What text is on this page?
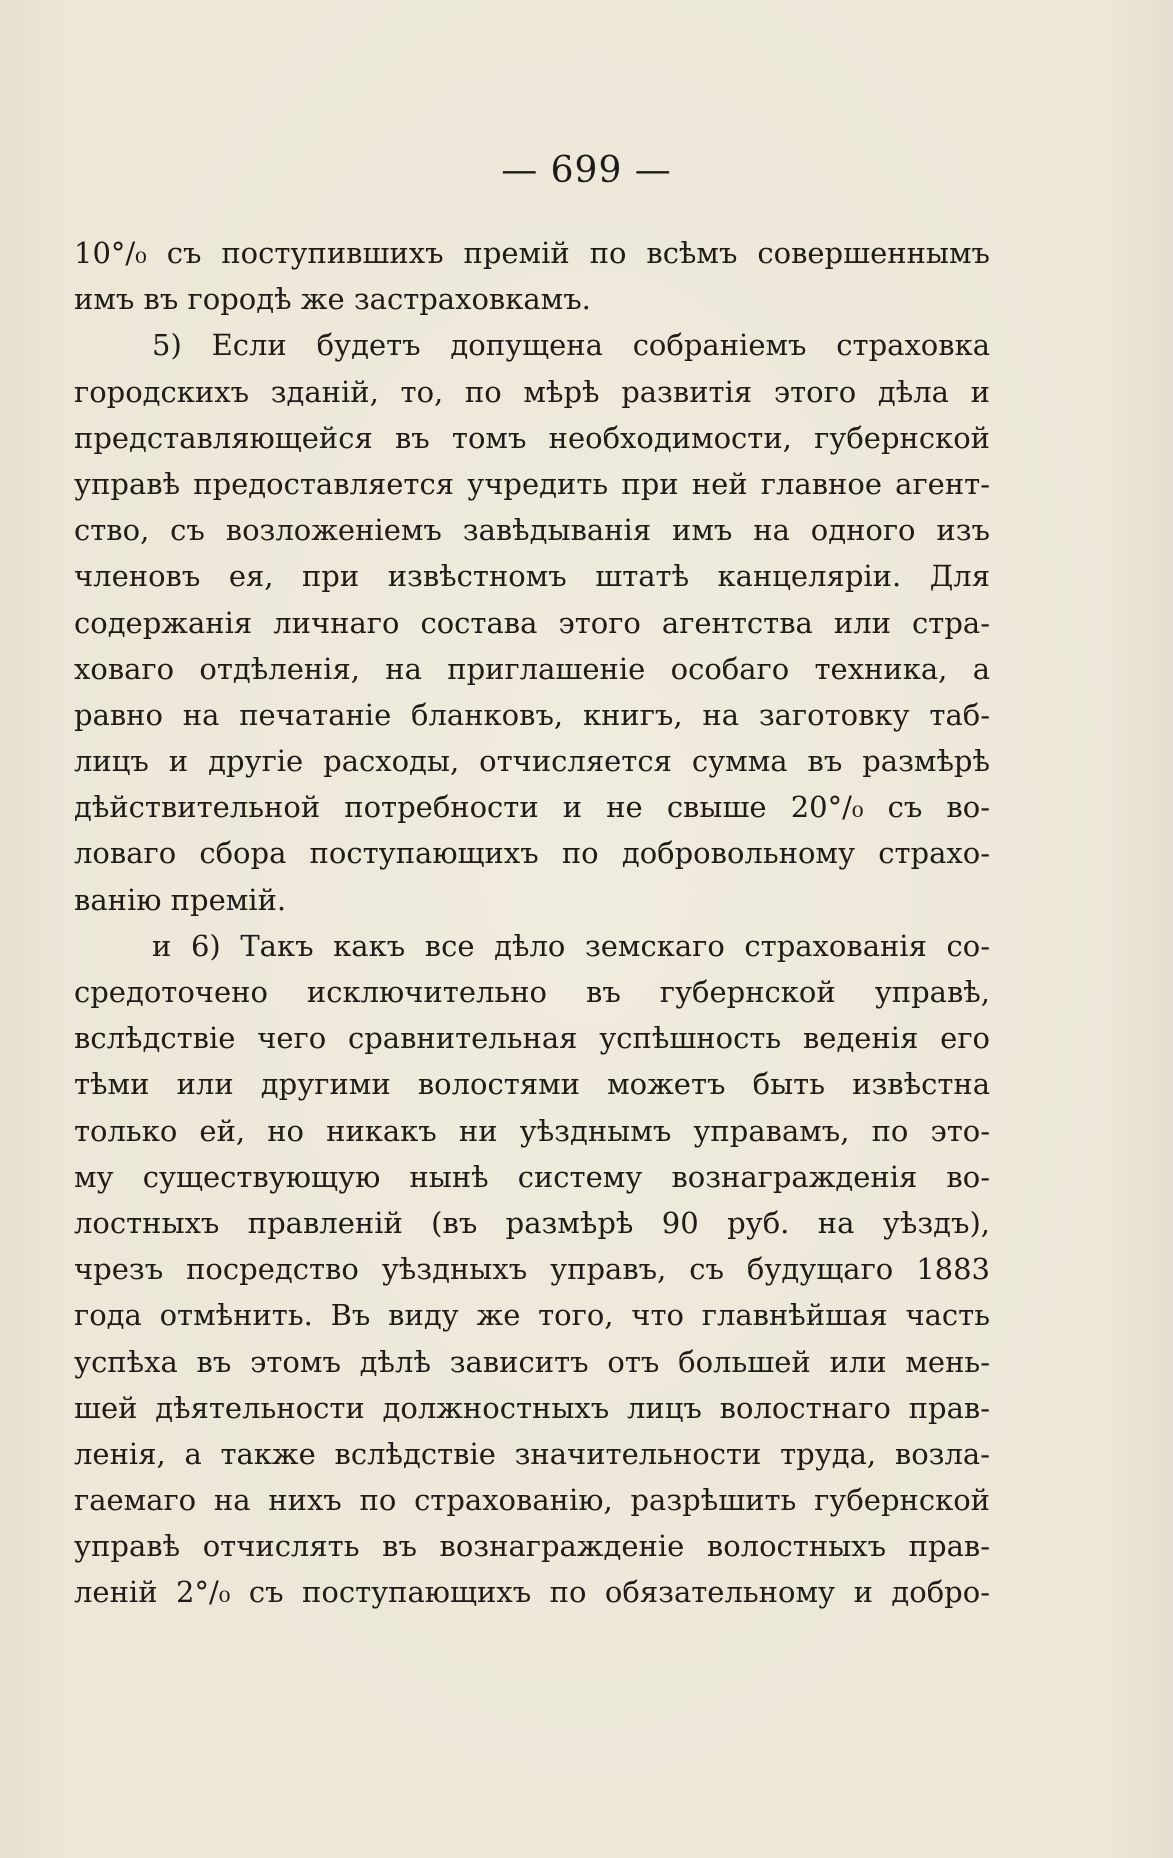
— 699 —
10°/₀ съ поступившихъ премій по всѣмъ совершеннымъ
имъ въ городѣ же застраховкамъ.
5) Если будетъ допущена собраніемъ страховка
городскихъ зданій, то, по мѣрѣ развитія этого дѣла и
представляющейся въ томъ необходимости, губернской
управѣ предоставляется учредить при ней главное агент-
ство, съ возложеніемъ завѣдыванія имъ на одного изъ
членовъ ея, при извѣстномъ штатѣ канцеляріи. Для
содержанія личнаго состава этого агентства или стра-
ховаго отдѣленія, на приглашеніе особаго техника, а
равно на печатаніе бланковъ, книгъ, на заготовку таб-
лицъ и другіе расходы, отчисляется сумма въ размѣрѣ
дѣйствительной потребности и не свыше 20°/₀ съ во-
ловаго сбора поступающихъ по добровольному страхо-
ванію премій.
и 6) Такъ какъ все дѣло земскаго страхованія со-
средоточено исключительно въ губернской управѣ,
вслѣдствіе чего сравнительная успѣшность веденія его
тѣми или другими волостями можетъ быть извѣстна
только ей, но никакъ ни уѣзднымъ управамъ, по это-
му существующую нынѣ систему вознагражденія во-
лостныхъ правленій (въ размѣрѣ 90 руб. на уѣздъ),
чрезъ посредство уѣздныхъ управъ, съ будущаго 1883
года отмѣнить. Въ виду же того, что главнѣйшая часть
успѣха въ этомъ дѣлѣ зависитъ отъ большей или мень-
шей дѣятельности должностныхъ лицъ волостнаго прав-
ленія, а также вслѣдствіе значительности труда, возла-
гаемаго на нихъ по страхованію, разрѣшить губернской
управѣ отчислять въ вознагражденіе волостныхъ прав-
леній 2°/₀ съ поступающихъ по обязательному и добро-
